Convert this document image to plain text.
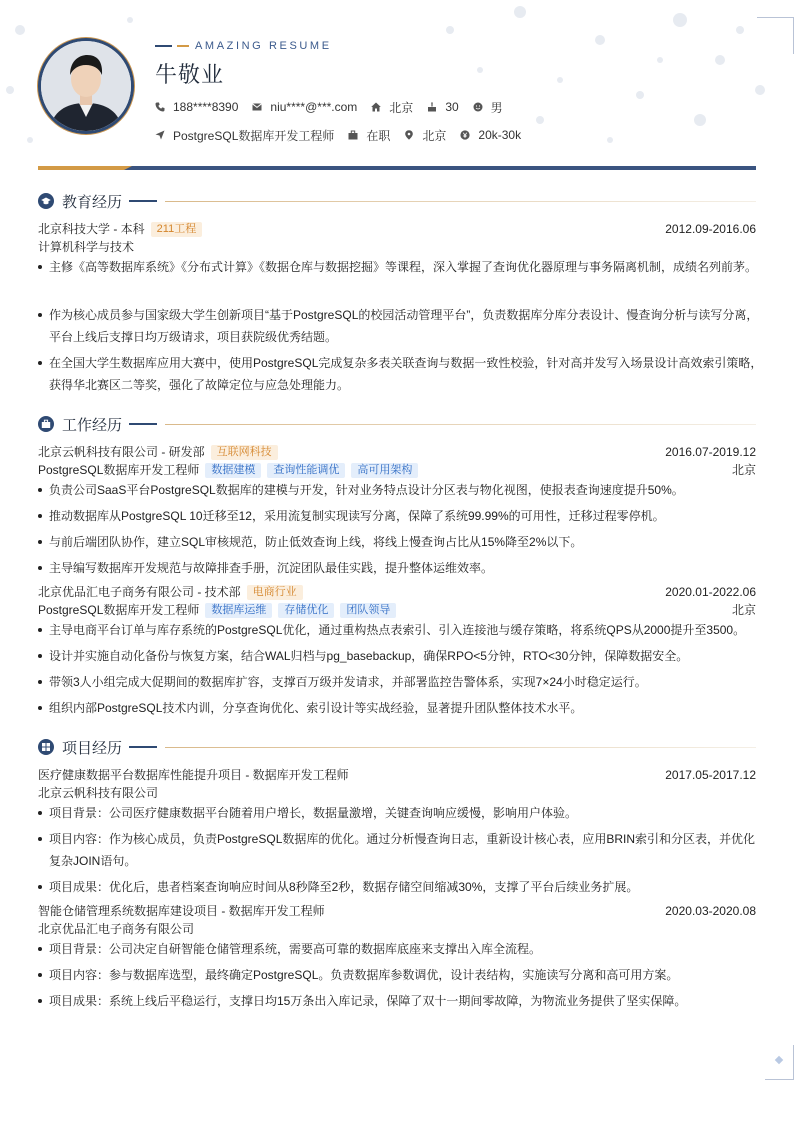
AMAZING RESUME
牛敬业
188****8390	niu****@***.com	北京	30	男
PostgreSQL数据库开发工程师	在职	北京	20k-30k
教育经历
北京科技大学 - 本科	211工程	2012.09-2016.06
计算机科学与技术
主修《高等数据库系统》《分布式计算》《数据仓库与数据挖掘》等课程，深入掌握了查询优化器原理与事务隔离机制，成绩名列前茅。
作为核心成员参与国家级大学生创新项目“基于PostgreSQL的校园活动管理平台”，负责数据库分库分表设计、慢查询分析与读写分离，平台上线后支撑日均万级请求，项目获院级优秀结题。
在全国大学生数据库应用大赛中，使用PostgreSQL完成复杂多表关联查询与数据一致性校验，针对高并发写入场景设计高效索引策略，获得华北赛区二等奖，强化了故障定位与应急处理能力。
工作经历
北京云帆科技有限公司 - 研发部	互联网科技	2016.07-2019.12
PostgreSQL数据库开发工程师	数据建模	查询性能调优	高可用架构	北京
负责公司SaaS平台PostgreSQL数据库的建模与开发，针对业务特点设计分区表与物化视图，使报表查询速度提升50%。
推动数据库从PostgreSQL 10迁移至12，采用流复制实现读写分离，保障了系统99.99%的可用性，迁移过程零停机。
与前后端团队协作，建立SQL审核规范，防止低效查询上线，将线上慢查询占比从15%降至2%以下。
主导编写数据库开发规范与故障排查手册，沉淀团队最佳实践，提升整体运维效率。
北京优品汇电子商务有限公司 - 技术部	电商行业	2020.01-2022.06
PostgreSQL数据库开发工程师	数据库运维	存储优化	团队领导	北京
主导电商平台订单与库存系统的PostgreSQL优化，通过重构热点表索引、引入连接池与缓存策略，将系统QPS从2000提升至3500。
设计并实施自动化备份与恢复方案，结合WAL归档与pg_basebackup，确保RPO<5分钟，RTO<30分钟，保障数据安全。
带领3人小组完成大促期间的数据库扩容，支撑百万级并发请求，并部署监控告警体系，实现7×24小时稳定运行。
组织内部PostgreSQL技术内训，分享查询优化、索引设计等实战经验，显著提升团队整体技术水平。
项目经历
医疗健康数据平台数据库性能提升项目 - 数据库开发工程师	2017.05-2017.12
北京云帆科技有限公司
项目背景：公司医疗健康数据平台随着用户增长，数据量激增，关键查询响应缓慢，影响用户体验。
项目内容：作为核心成员，负责PostgreSQL数据库的优化。通过分析慢查询日志，重新设计核心表，应用BRIN索引和分区表，并优化复杂JOIN语句。
项目成果：优化后，患者档案查询响应时间从8秒降至2秒，数据存储空间缩减30%，支撑了平台后续业务扩展。
智能仓储管理系统数据库建设项目 - 数据库开发工程师	2020.03-2020.08
北京优品汇电子商务有限公司
项目背景：公司决定自研智能仓储管理系统，需要高可靠的数据库底座来支撑出入库全流程。
项目内容：参与数据库选型，最终确定PostgreSQL。负责数据库参数调优，设计表结构，实施读写分离和高可用方案。
项目成果：系统上线后平稳运行，支撑日均15万条出入库记录，保障了双十一期间零故障，为物流业务提供了坚实保障。
